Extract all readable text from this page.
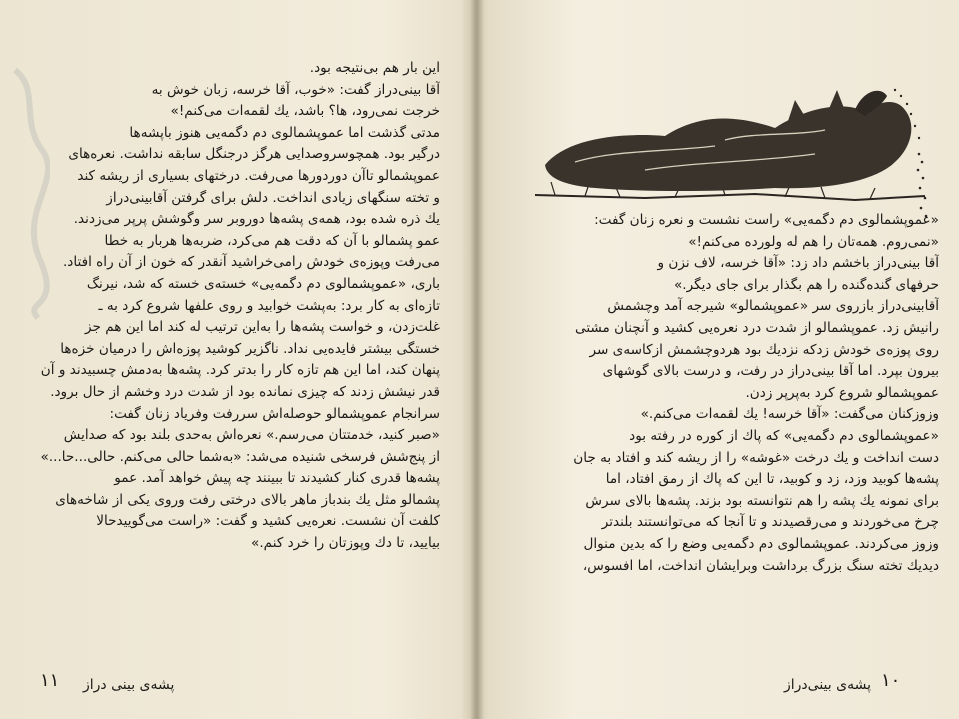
این بار هم بی‌نتیجه بود.
آقا بینی‌دراز گفت: «خوب، آقا خرسه، زبان خوش به
خرجت نمی‌رود، ها؟ باشد، یك لقمه‌ات می‌کنم!»
مدتی گذشت اما عموپشمالوی دم دگمه‌یی هنوز باپشه‌ها
درگیر بود. همچوسروصدایی هرگز درجنگل سابقه نداشت. نعره‌های
عموپشمالو تاآن دوردورها می‌رفت. درختهای بسیاری از ریشه کند
و تخته سنگهای زیادی انداخت. دلش برای گرفتن آقابینی‌دراز
یك ذره شده بود، همه‌ی پشه‌ها دوروبر سر وگوشش پرپر می‌زدند.
عمو پشمالو با آن که دقت هم می‌کرد، ضربه‌ها هربار به خطا
می‌رفت وپوزه‌ی خودش رامی‌خراشید آنقدر که خون از آن راه افتاد.
باری، «عموپشمالوی دم دگمه‌یی» خسته‌ی خسته که شد، نیرنگ
تازه‌ای به کار برد: به‌پشت خوابید و روی علفها شروع کرد به ـ
غلت‌زدن، و خواست پشه‌ها را به‌این ترتیب له کند اما این هم جز
خستگی بیشتر فایده‌یی نداد. ناگزیر کوشید پوزه‌اش را درمیان خزه‌ها
پنهان کند، اما این هم تازه کار را بدتر کرد. پشه‌ها به‌دمش چسبیدند و آن
قدر نیشش زدند که چیزی نمانده بود از شدت درد وخشم از حال برود.
سرانجام عموپشمالو حوصله‌اش سررفت وفریاد زنان گفت:
«صبر کنید، خدمتتان می‌رسم.» نعره‌اش به‌حدی بلند بود که صدایش
از پنج‌شش فرسخی شنیده می‌شد: «به‌شما حالی می‌کنم. حالی...حا...»
پشه‌ها قدری کنار کشیدند تا ببینند چه پیش خواهد آمد. عمو
پشمالو مثل یك بندباز ماهر بالای درختی رفت وروی یکی از شاخه‌های
کلفت آن نشست. نعره‌یی کشید و گفت: «راست می‌گوییدحالا
بیایید، تا دك وپوزتان را خرد کنم.»
۱۱ پشه‌ی بینی دراز
«عموپشمالوی دم دگمه‌یی» راست نشست و نعره زنان گفت:
«نمی‌روم. همه‌تان را هم له ولورده می‌کنم!»
آقا بینی‌دراز باخشم داد زد: «آقا خرسه، لاف نزن و
حرفهای گنده‌گنده را هم بگذار برای جای دیگر.»
آقابینی‌دراز بازروی سر «عموپشمالو» شیرجه آمد وچشمش
رانیش زد. عموپشمالو از شدت درد نعره‌یی کشید و آنچنان مشتی
روی پوزه‌ی خودش زدکه نزدیك بود هردوچشمش ازکاسه‌ی سر
بیرون بپرد. اما آقا بینی‌دراز در رفت، و درست بالای گوشهای
عموپشمالو شروع کرد به‌پرپر زدن.
وزوزکنان می‌گفت: «آقا خرسه! یك لقمه‌ات می‌کنم.»
«عموپشمالوی دم دگمه‌یی» که پاك از کوره در رفته بود
دست انداخت و یك درخت «غوشه» را از ریشه کند و افتاد به جان
پشه‌ها کوبید وزد، زد و کوبید، تا این که پاك از رمق افتاد، اما
برای نمونه یك پشه را هم نتوانسته بود بزند. پشه‌ها بالای سرش
چرخ می‌خوردند و می‌رقصیدند و تا آنجا که می‌توانستند بلندتر
وزوز می‌کردند. عموپشمالوی دم دگمه‌یی وضع را که بدین منوال
دیدیك تخته سنگ بزرگ برداشت وبرایشان انداخت، اما افسوس،
پشه‌ی بینی‌دراز ۱۰
